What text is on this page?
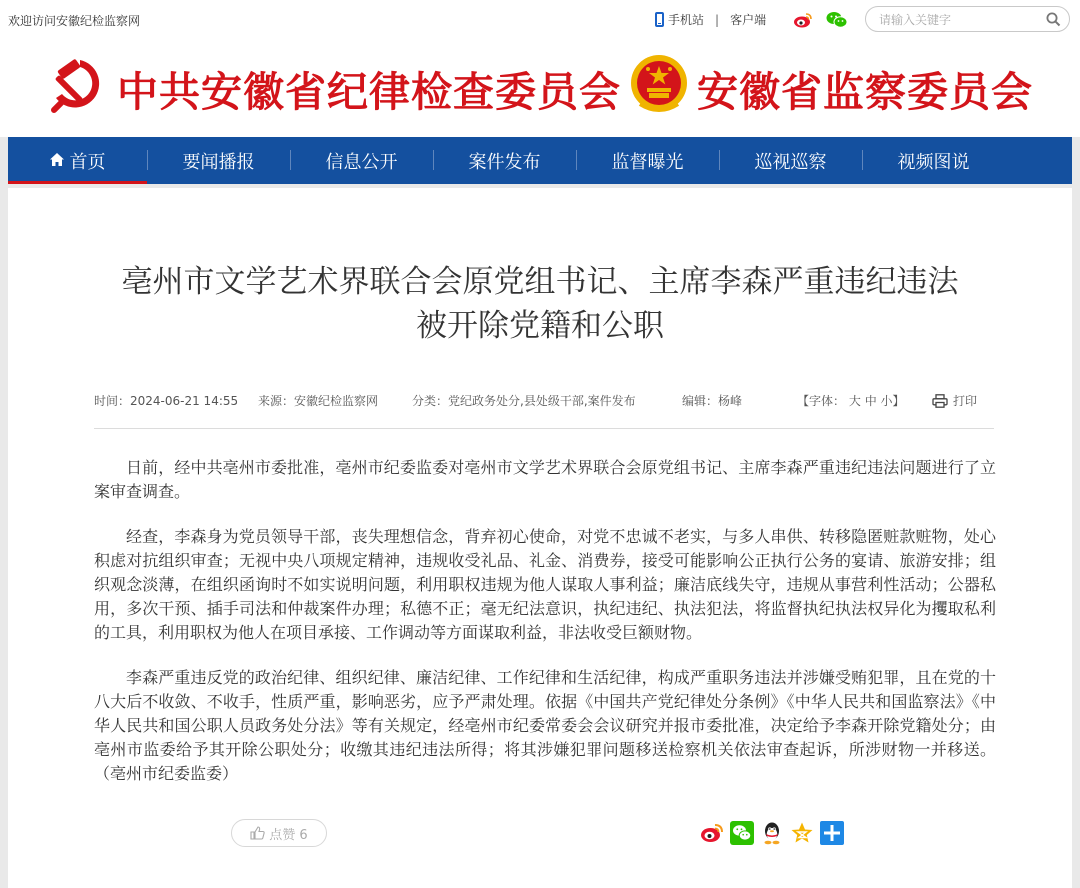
欢迎访问安徽纪检监察网	手机站 | 客户端
请输入关键字
中共安徽省纪律检查委员会 安徽省监察委员会
首页	要闻播报	信息公开	案件发布	监督曝光	巡视巡察	视频图说
亳州市文学艺术界联合会原党组书记、主席李森严重违纪违法
被开除党籍和公职
时间：2024-06-21 14:55 来源：安徽纪检监察网	分类：党纪政务处分,县处级干部,案件发布	编辑：杨峰	【字体： 大 中 小】	打印

日前，经中共亳州市委批准，亳州市纪委监委对亳州市文学艺术界联合会原党组书记、主席李森严重违纪违法问题进行了立案审查调查。

经查，李森身为党员领导干部，丧失理想信念，背弃初心使命，对党不忠诚不老实，与多人串供、转移隐匿赃款赃物，处心积虑对抗组织审查；无视中央八项规定精神，违规收受礼品、礼金、消费券，接受可能影响公正执行公务的宴请、旅游安排；组织观念淡薄，在组织函询时不如实说明问题，利用职权违规为他人谋取人事利益；廉洁底线失守，违规从事营利性活动；公器私用，多次干预、插手司法和仲裁案件办理；私德不正；毫无纪法意识，执纪违纪、执法犯法，将监督执纪执法权异化为攫取私利的工具，利用职权为他人在项目承接、工作调动等方面谋取利益，非法收受巨额财物。

李森严重违反党的政治纪律、组织纪律、廉洁纪律、工作纪律和生活纪律，构成严重职务违法并涉嫌受贿犯罪，且在党的十八大后不收敛、不收手，性质严重，影响恶劣，应予严肃处理。依据《中国共产党纪律处分条例》《中华人民共和国监察法》《中华人民共和国公职人员政务处分法》等有关规定，经亳州市纪委常委会会议研究并报市委批准，决定给予李森开除党籍处分；由亳州市监委给予其开除公职处分；收缴其违纪违法所得；将其涉嫌犯罪问题移送检察机关依法审查起诉，所涉财物一并移送。（亳州市纪委监委）

点赞 6
